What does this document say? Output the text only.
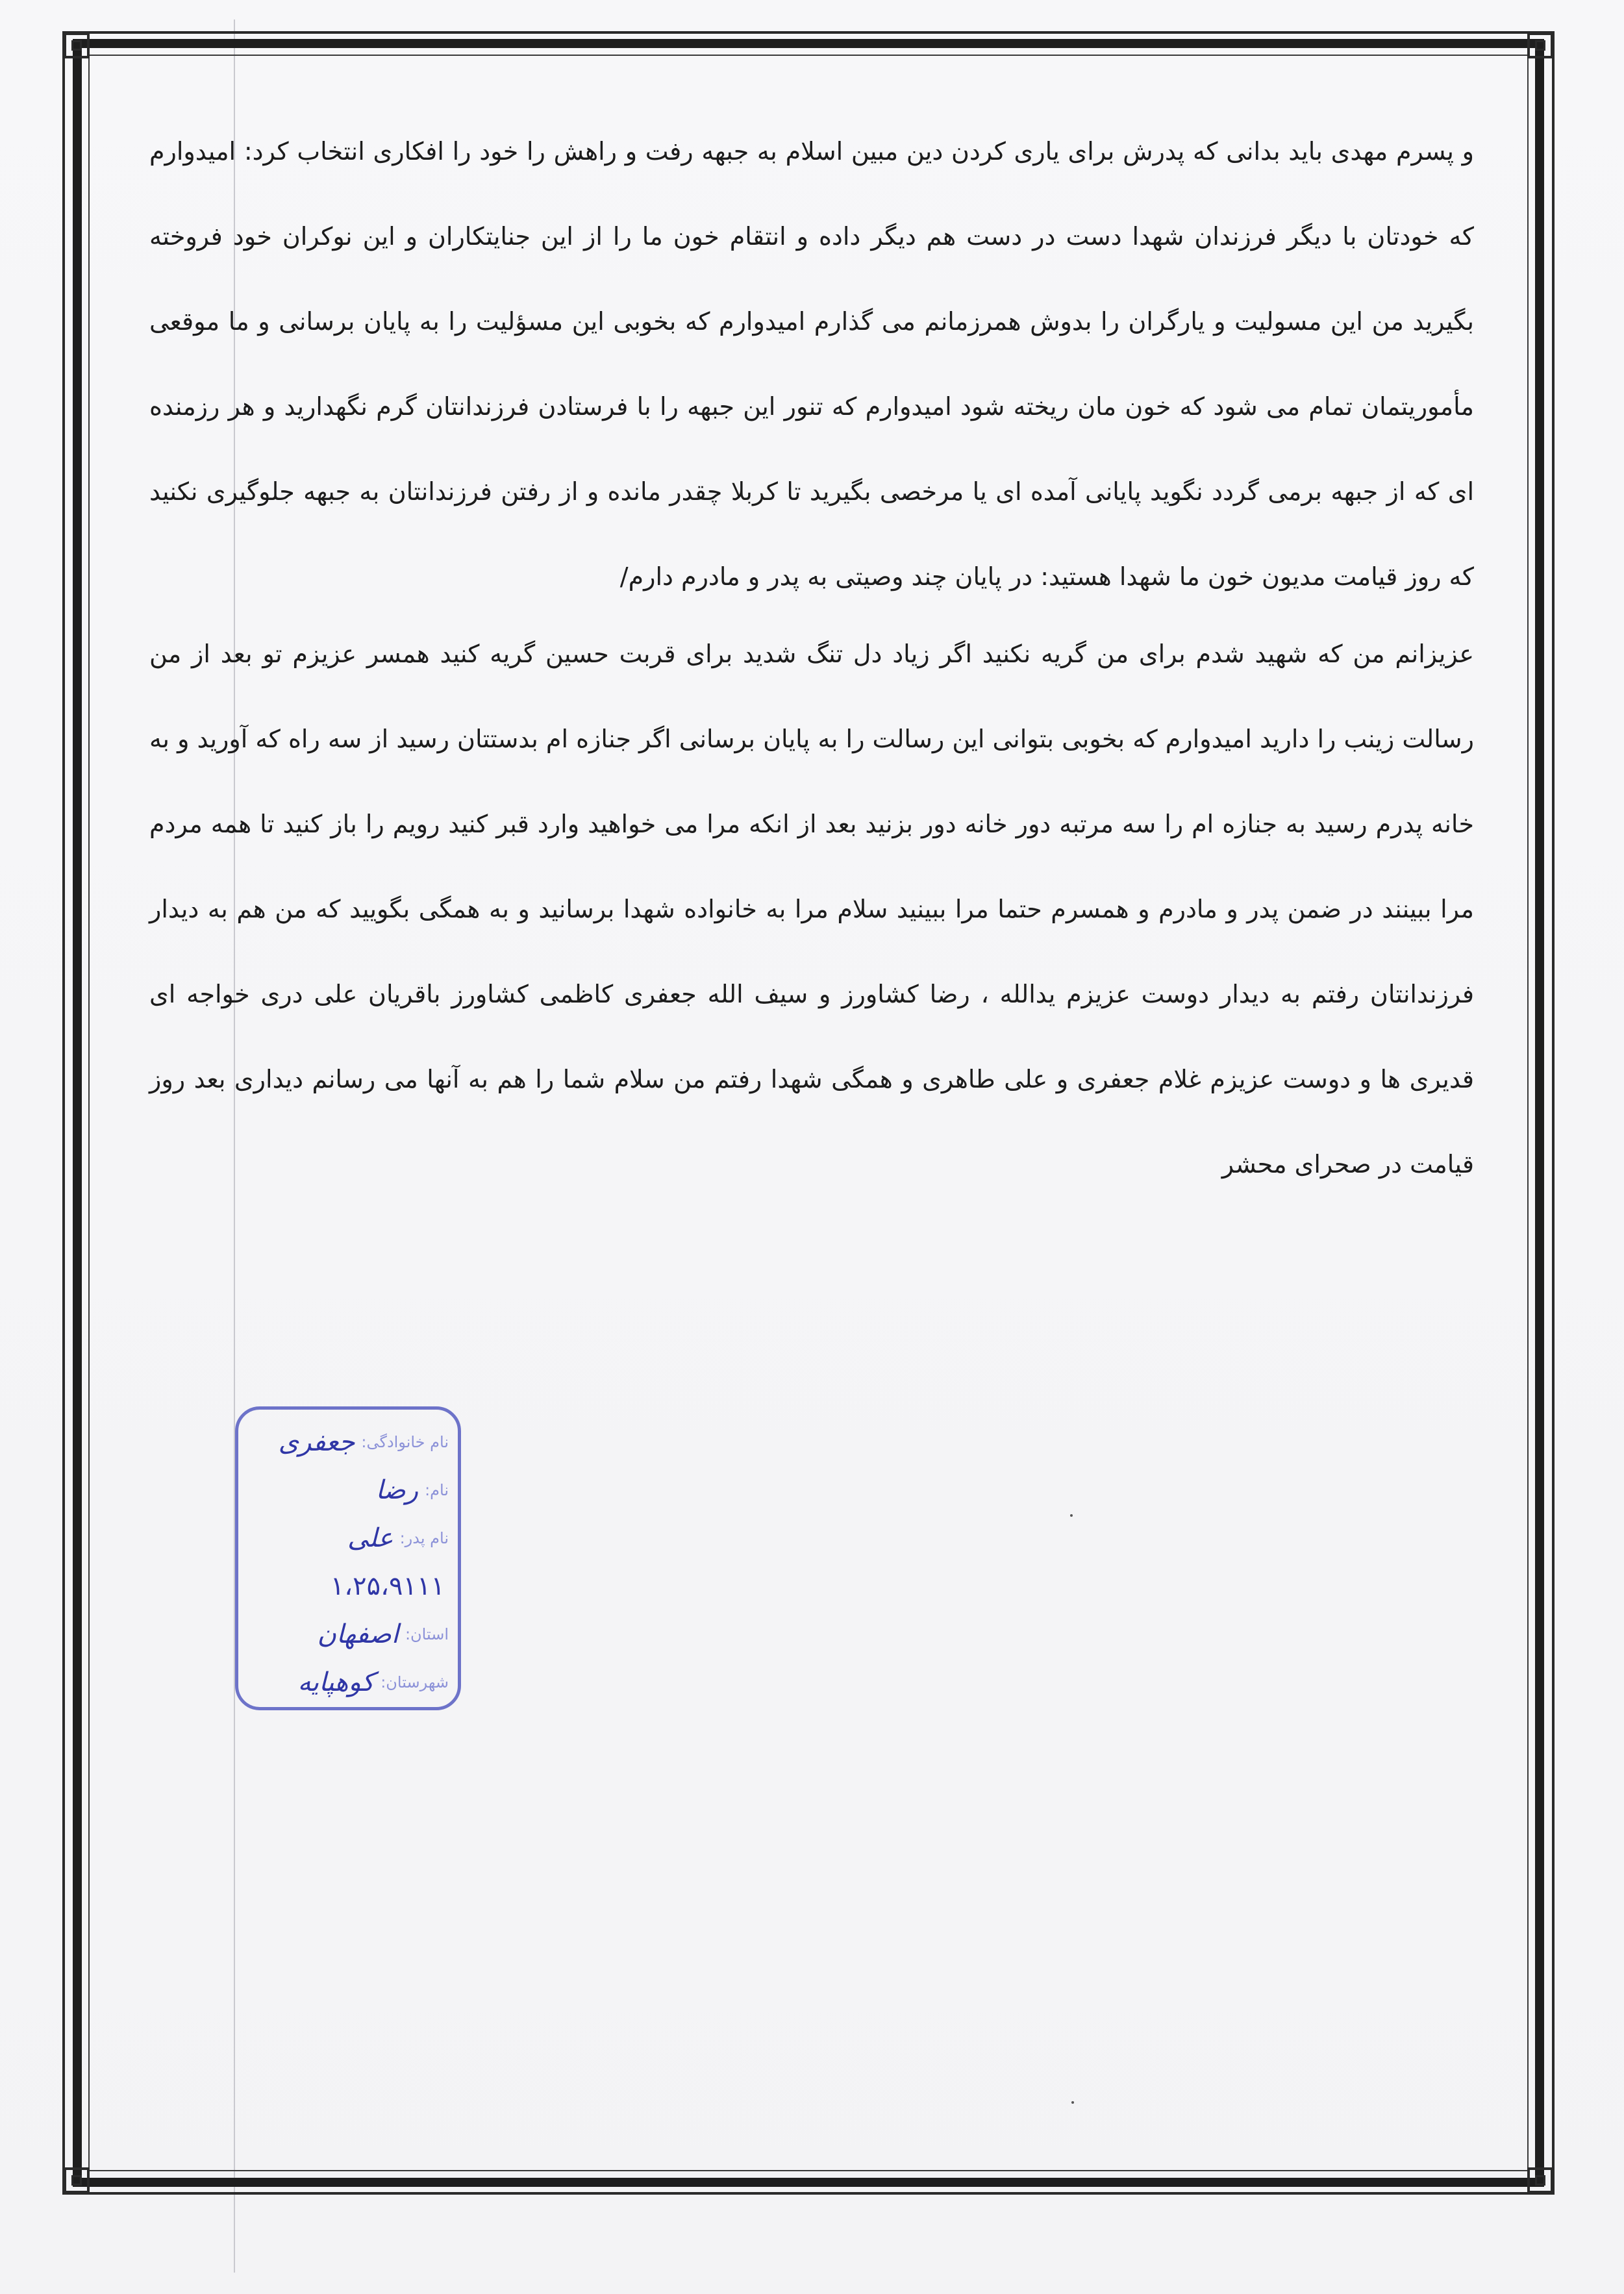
و پسرم مهدی باید بدانی که پدرش برای یاری کردن دین مبین اسلام به جبهه رفت و راهش را خود را افکاری انتخاب کرد: امیدوارم که خودتان با دیگر فرزندان شهدا دست در دست هم دیگر داده و انتقام خون ما را از این جنایتکاران و این نوکران خود فروخته بگیرید من این مسولیت و یارگران را بدوش همرزمانم می گذارم امیدوارم که بخوبی این مسؤلیت را به پایان برسانی و ما موقعی مأموریتمان تمام می شود که خون مان ریخته شود امیدوارم که تنور این جبهه را با فرستادن فرزندانتان گرم نگهدارید و هر رزمنده ای که از جبهه برمی گردد نگوید پایانی آمده ای یا مرخصی بگیرید تا کربلا چقدر مانده و از رفتن فرزندانتان به جبهه جلوگیری نکنید که روز قیامت مدیون خون ما شهدا هستید: در پایان چند وصیتی به پدر و مادرم دارم/

عزیزانم من که شهید شدم برای من گریه نکنید اگر زیاد دل تنگ شدید برای قربت حسین گریه کنید همسر عزیزم تو بعد از من رسالت زینب را دارید امیدوارم که بخوبی بتوانی این رسالت را به پایان برسانی اگر جنازه ام بدستتان رسید از سه راه که آورید و به خانه پدرم رسید به جنازه ام را سه مرتبه دور خانه دور بزنید بعد از انکه مرا می خواهید وارد قبر کنید رویم را باز کنید تا همه مردم مرا ببینند در ضمن پدر و مادرم و همسرم حتما مرا ببینید سلام مرا به خانواده شهدا برسانید و به همگی بگویید که من هم به دیدار فرزندانتان رفتم به دیدار دوست عزیزم یدالله ، رضا کشاورز و سیف الله جعفری کاظمی کشاورز باقریان علی دری خواجه ای قدیری ها و دوست عزیزم غلام جعفری و علی طاهری و همگی شهدا رفتم من سلام شما را هم به آنها می رسانم دیداری بعد روز قیامت در صحرای محشر

نام خانوادگی:
جعفری
نام:
رضا
نام پدر:
علی
۱،۲۵،۹۱۱۱
استان:
اصفهان
شهرستان:
کوهپایه
